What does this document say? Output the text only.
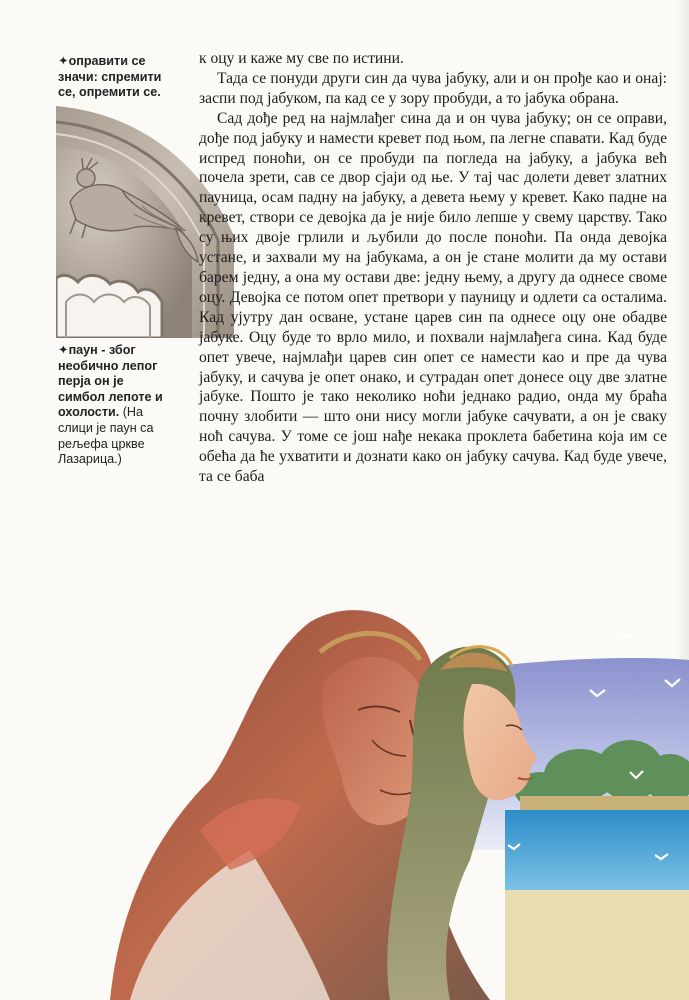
✦оправити се значи: спремити се, опремити се.
✦паун - због необично лепог перја он је симбол лепоте и охолости. (На слици је паун са рељефа цркве Лазарица.)

к оцу и каже му све по истини.

Тада се понуди други син да чува јабуку, али и он прође као и онај: заспи под јабуком, па кад се у зору пробуди, а то јабука обрана.

Сад дође ред на најмлађег сина да и он чува јабуку; он се оправи, дође под јабуку и намести кревет под њом, па легне спавати. Кад буде испред поноћи, он се пробуди па погледа на јабуку, а јабука већ почела зрети, сав се двор сјаји од ње. У тај час долети девет златних пауница, осам падну на јабуку, а девета њему у кревет. Како падне на кревет, створи се девојка да је није било лепше у свему царству. Тако су њих двоје грлили и љубили до после поноћи. Па онда девојка устане, и захвали му на јабукама, а он је стане молити да му остави барем једну, а она му остави две: једну њему, а другу да однесе своме оцу. Девојка се потом опет претвори у пауницу и одлети са осталима. Кад ујутру дан осване, устане царев син па однесе оцу оне обадве јабуке. Оцу буде то врло мило, и похвали најмлађега сина. Кад буде опет увече, најмлађи царев син опет се намести као и пре да чува јабуку, и сачува је опет онако, и сутрадан опет донесе оцу две златне јабуке. Пошто је тако неколико ноћи једнако радио, онда му браћа почну злобити — што они нису могли јабуке сачувати, а он је сваку ноћ сачува. У томе се још нађе некакa проклета бабетина која им се обећа да ће ухватити и дознати како он јабуку сачува. Кад буде увече, та се баба
